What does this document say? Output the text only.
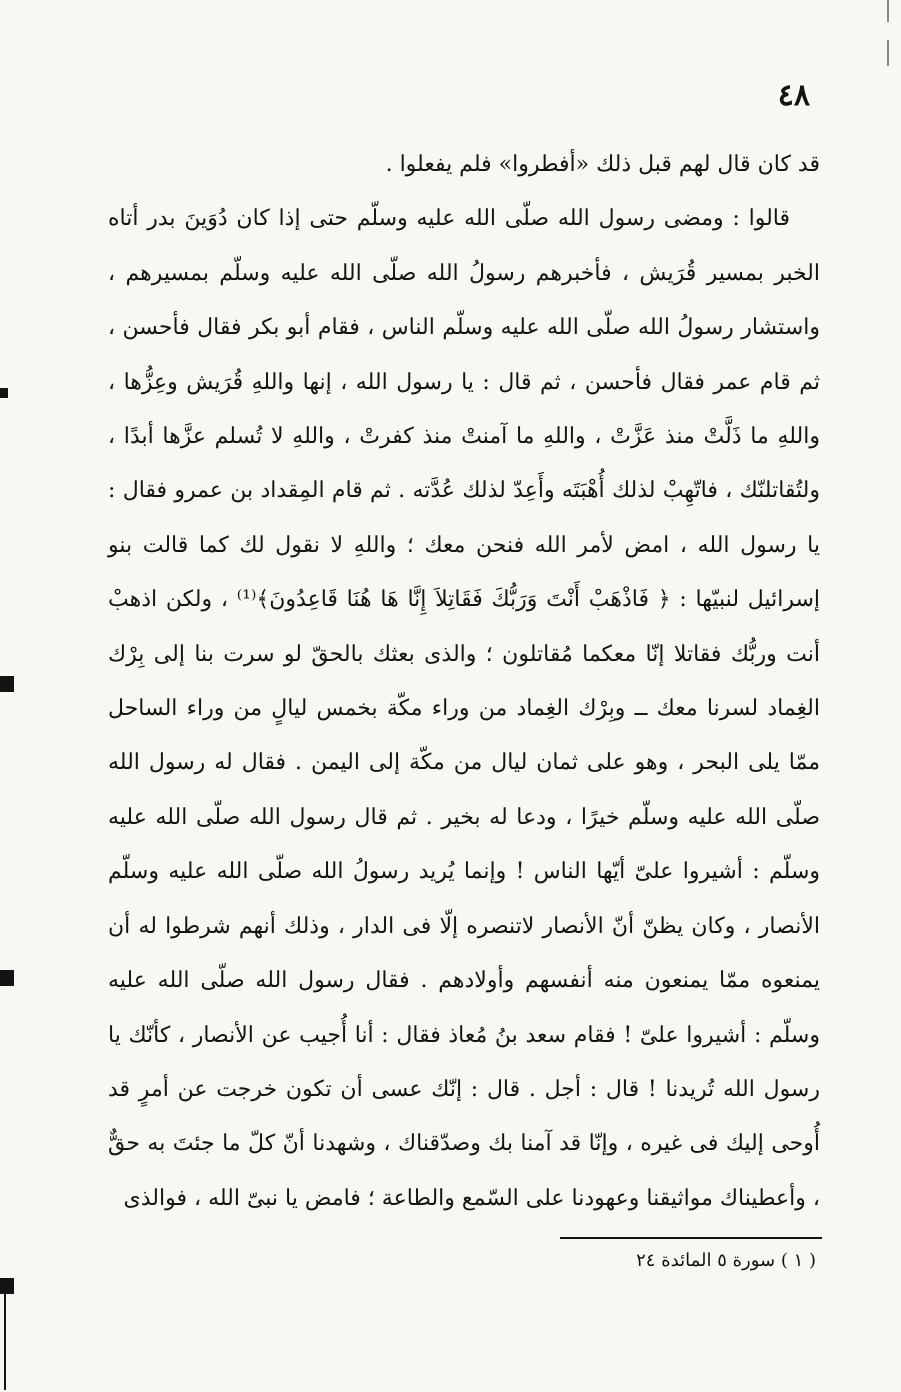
٤٨

قد كان قال لهم قبل ذلك «أفطروا» فلم يفعلوا .

قالوا : ومضى رسول الله صلّى الله عليه وسلّم حتى إذا كان دُوَينَ بدر أتاه الخبر بمسير قُرَيش ، فأخبرهم رسولُ الله صلّى الله عليه وسلّم بمسيرهم ، واستشار رسولُ الله صلّى الله عليه وسلّم الناس ، فقام أبو بكر فقال فأحسن ، ثم قام عمر فقال فأحسن ، ثم قال : يا رسول الله ، إنها واللهِ قُرَيش وعِزُّها ، واللهِ ما ذَلَّتْ منذ عَزَّتْ ، واللهِ ما آمنتْ منذ كفرتْ ، واللهِ لا تُسلم عزَّها أبدًا ، ولتُقاتلنّك ، فاتّهِبْ لذلك أُهْبَتَه وأَعِدّ لذلك عُدَّته . ثم قام المِقداد بن عمرو فقال : يا رسول الله ، امض لأمر الله فنحن معك ؛ واللهِ لا نقول لك كما قالت بنو إسرائيل لنبيّها : ﴿ فَاذْهَبْ أَنْتَ وَرَبُّكَ فَقَاتِلاَ إِنَّا هَا هُنَا قَاعِدُونَ﴾⁽¹⁾ ، ولكن اذهبْ أنت وربُّك فقاتلا إنّا معكما مُقاتلون ؛ والذى بعثك بالحقّ لو سرت بنا إلى بِرْك الغِماد لسرنا معك ــ وبِرْك الغِماد من وراء مكّة بخمس ليالٍ من وراء الساحل ممّا يلى البحر ، وهو على ثمان ليال من مكّة إلى اليمن . فقال له رسول الله صلّى الله عليه وسلّم خيرًا ، ودعا له بخير . ثم قال رسول الله صلّى الله عليه وسلّم : أشيروا علىّ أيّها الناس ! وإنما يُريد رسولُ الله صلّى الله عليه وسلّم الأنصار ، وكان يظنّ أنّ الأنصار لاتنصره إلّا فى الدار ، وذلك أنهم شرطوا له أن يمنعوه ممّا يمنعون منه أنفسهم وأولادهم . فقال رسول الله صلّى الله عليه وسلّم : أشيروا علىّ ! فقام سعد بنُ مُعاذ فقال : أنا أُجيب عن الأنصار ، كأنّك يا رسول الله تُريدنا ! قال : أجل . قال : إنّك عسى أن تكون خرجت عن أمرٍ قد أُوحى إليك فى غيره ، وإنّا قد آمنا بك وصدّقناك ، وشهدنا أنّ كلّ ما جئتَ به حقٌّ ، وأعطيناك مواثيقنا وعهودنا على السّمع والطاعة ؛ فامض يا نبىّ الله ، فوالذى

( ١ ) سورة ٥ المائدة ٢٤
